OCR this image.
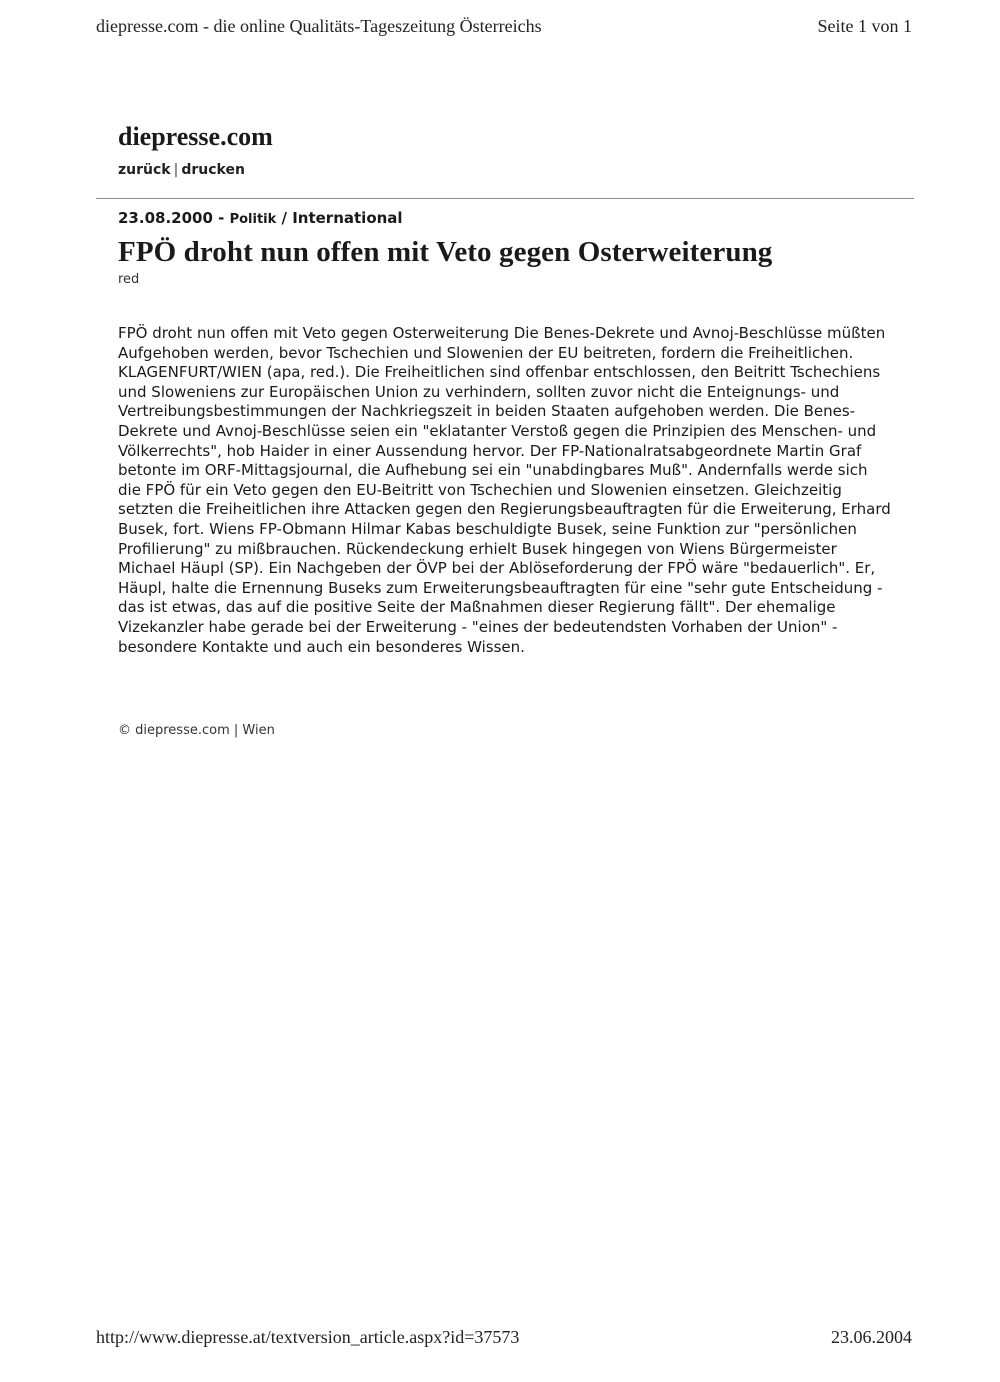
diepresse.com - die online Qualitäts-Tageszeitung Österreichs	Seite 1 von 1
diepresse.com
zurück | drucken
23.08.2000 - Politik / International
FPÖ droht nun offen mit Veto gegen Osterweiterung
red

FPÖ droht nun offen mit Veto gegen Osterweiterung Die Benes-Dekrete und Avnoj-Beschlüsse müßten Aufgehoben werden, bevor Tschechien und Slowenien der EU beitreten, fordern die Freiheitlichen. KLAGENFURT/WIEN (apa, red.). Die Freiheitlichen sind offenbar entschlossen, den Beitritt Tschechiens und Sloweniens zur Europäischen Union zu verhindern, sollten zuvor nicht die Enteignungs- und Vertreibungsbestimmungen der Nachkriegszeit in beiden Staaten aufgehoben werden. Die Benes-Dekrete und Avnoj-Beschlüsse seien ein "eklatanter Verstoß gegen die Prinzipien des Menschen- und Völkerrechts", hob Haider in einer Aussendung hervor. Der FP-Nationalratsabgeordnete Martin Graf betonte im ORF-Mittagsjournal, die Aufhebung sei ein "unabdingbares Muß". Andernfalls werde sich die FPÖ für ein Veto gegen den EU-Beitritt von Tschechien und Slowenien einsetzen. Gleichzeitig setzten die Freiheitlichen ihre Attacken gegen den Regierungsbeauftragten für die Erweiterung, Erhard Busek, fort. Wiens FP-Obmann Hilmar Kabas beschuldigte Busek, seine Funktion zur "persönlichen Profilierung" zu mißbrauchen. Rückendeckung erhielt Busek hingegen von Wiens Bürgermeister Michael Häupl (SP). Ein Nachgeben der ÖVP bei der Ablöseforderung der FPÖ wäre "bedauerlich". Er, Häupl, halte die Ernennung Buseks zum Erweiterungsbeauftragten für eine "sehr gute Entscheidung - das ist etwas, das auf die positive Seite der Maßnahmen dieser Regierung fällt". Der ehemalige Vizekanzler habe gerade bei der Erweiterung - "eines der bedeutendsten Vorhaben der Union" - besondere Kontakte und auch ein besonderes Wissen.

© diepresse.com | Wien
http://www.diepresse.at/textversion_article.aspx?id=37573	23.06.2004
